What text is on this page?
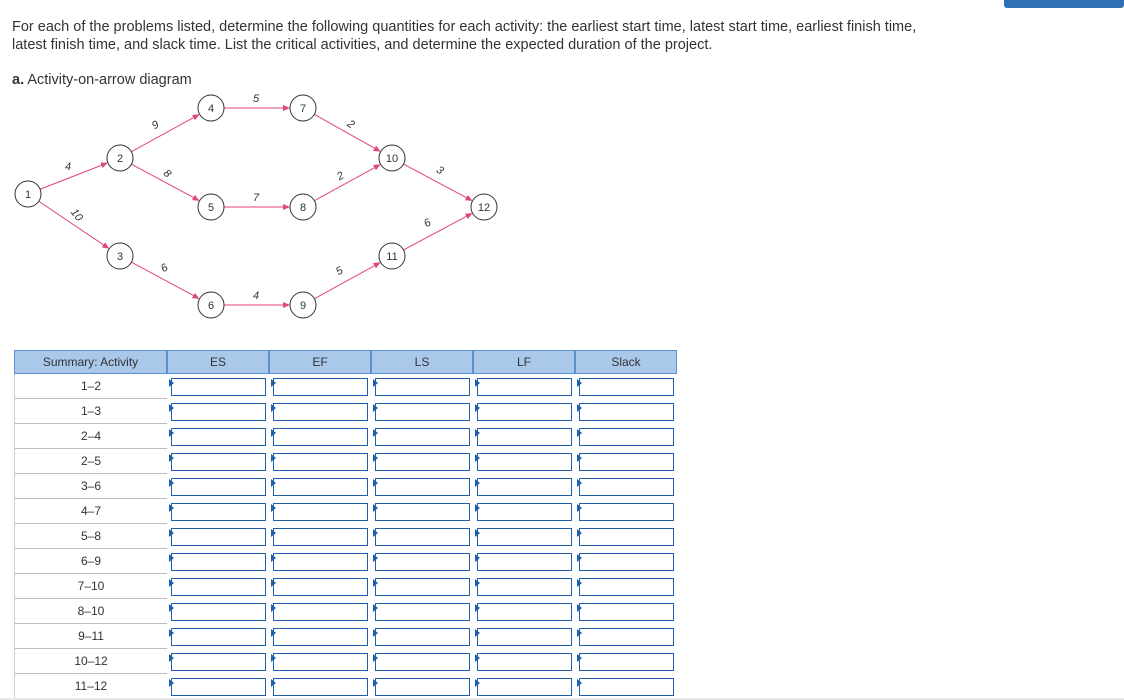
For each of the problems listed, determine the following quantities for each activity: the earliest start time, latest start time, earliest finish time, latest finish time, and slack time. List the critical activities, and determine the expected duration of the project.
a. Activity-on-arrow diagram
4
10
9
8
6
5
7
4
2
2
5
3
6
1
2
3
4
5
6
7
8
9
10
11
12
Summary: Activity	ES	EF	LS	LF	Slack
1–2	

1–3	

2–4	

2–5	

3–6	

4–7	

5–8	

6–9	

7–10	

8–10	

9–11	

10–12	

11–12	
